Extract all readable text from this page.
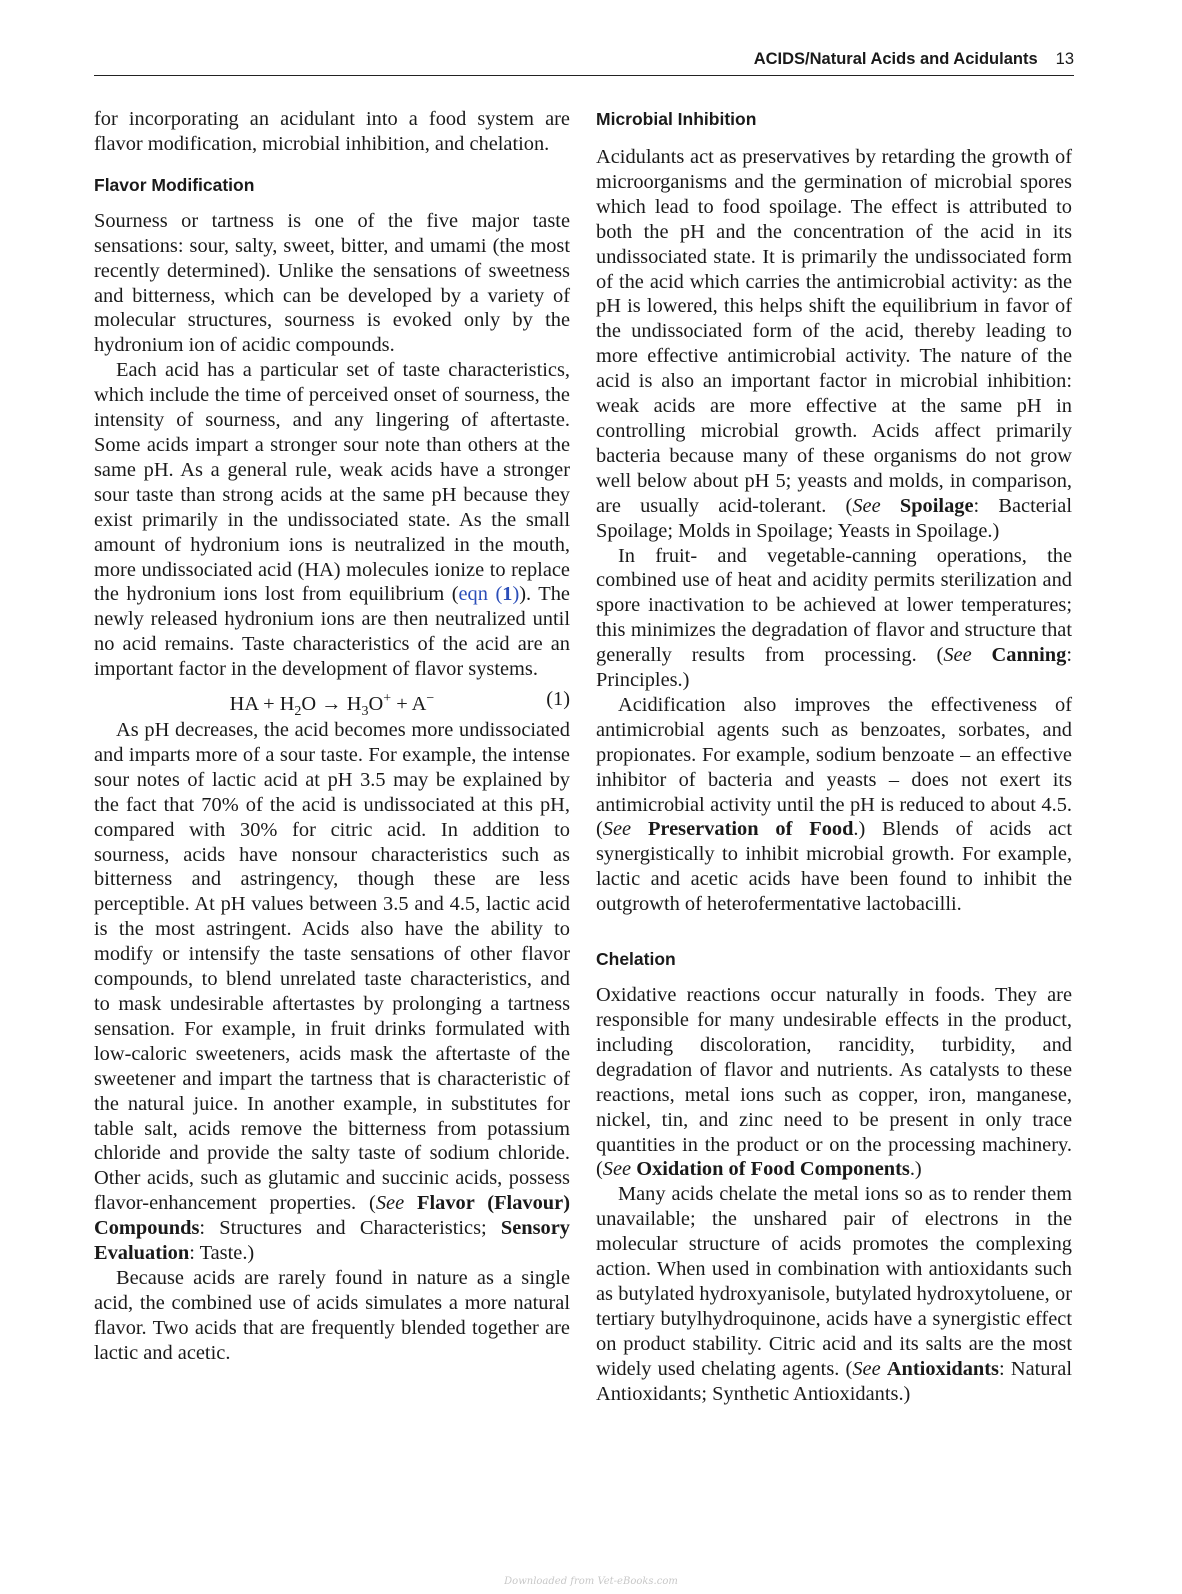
ACIDS/Natural Acids and Acidulants 13

for incorporating an acidulant into a food system are flavor modification, microbial inhibition, and chelation.

Flavor Modification

Sourness or tartness is one of the five major taste sensations: sour, salty, sweet, bitter, and umami (the most recently determined). Unlike the sensations of sweetness and bitterness, which can be developed by a variety of molecular structures, sourness is evoked only by the hydronium ion of acidic compounds.

Each acid has a particular set of taste characteristics, which include the time of perceived onset of sourness, the intensity of sourness, and any lingering of aftertaste. Some acids impart a stronger sour note than others at the same pH. As a general rule, weak acids have a stronger sour taste than strong acids at the same pH because they exist primarily in the undissociated state. As the small amount of hydronium ions is neutralized in the mouth, more undissociated acid (HA) molecules ionize to replace the hydronium ions lost from equilibrium (eqn (1)). The newly released hydronium ions are then neutralized until no acid remains. Taste characteristics of the acid are an important factor in the development of flavor systems.

HA + $H_2O \to H_3O^+ + A^-$	(1)

As pH decreases, the acid becomes more undissociated and imparts more of a sour taste. For example, the intense sour notes of lactic acid at pH 3.5 may be explained by the fact that 70% of the acid is undissociated at this pH, compared with 30% for citric acid. In addition to sourness, acids have nonsour characteristics such as bitterness and astringency, though these are less perceptible. At pH values between 3.5 and 4.5, lactic acid is the most astringent. Acids also have the ability to modify or intensify the taste sensations of other flavor compounds, to blend unrelated taste characteristics, and to mask undesirable aftertastes by prolonging a tartness sensation. For example, in fruit drinks formulated with low-caloric sweeteners, acids mask the aftertaste of the sweetener and impart the tartness that is characteristic of the natural juice. In another example, in substitutes for table salt, acids remove the bitterness from potassium chloride and provide the salty taste of sodium chloride. Other acids, such as glutamic and succinic acids, possess flavor-enhancement properties. (See Flavor (Flavour) Compounds: Structures and Characteristics; Sensory Evaluation: Taste.)

Because acids are rarely found in nature as a single acid, the combined use of acids simulates a more natural flavor. Two acids that are frequently blended together are lactic and acetic.

Microbial Inhibition

Acidulants act as preservatives by retarding the growth of microorganisms and the germination of microbial spores which lead to food spoilage. The effect is attributed to both the pH and the concentration of the acid in its undissociated state. It is primarily the undissociated form of the acid which carries the antimicrobial activity: as the pH is lowered, this helps shift the equilibrium in favor of the undissociated form of the acid, thereby leading to more effective antimicrobial activity. The nature of the acid is also an important factor in microbial inhibition: weak acids are more effective at the same pH in controlling microbial growth. Acids affect primarily bacteria because many of these organisms do not grow well below about pH 5; yeasts and molds, in comparison, are usually acid-tolerant. (See Spoilage: Bacterial Spoilage; Molds in Spoilage; Yeasts in Spoilage.)

In fruit- and vegetable-canning operations, the combined use of heat and acidity permits sterilization and spore inactivation to be achieved at lower temperatures; this minimizes the degradation of flavor and structure that generally results from processing. (See Canning: Principles.)

Acidification also improves the effectiveness of antimicrobial agents such as benzoates, sorbates, and propionates. For example, sodium benzoate – an effective inhibitor of bacteria and yeasts – does not exert its antimicrobial activity until the pH is reduced to about 4.5. (See Preservation of Food.) Blends of acids act synergistically to inhibit microbial growth. For example, lactic and acetic acids have been found to inhibit the outgrowth of heterofermentative lactobacilli.

Chelation

Oxidative reactions occur naturally in foods. They are responsible for many undesirable effects in the product, including discoloration, rancidity, turbidity, and degradation of flavor and nutrients. As catalysts to these reactions, metal ions such as copper, iron, manganese, nickel, tin, and zinc need to be present in only trace quantities in the product or on the processing machinery. (See Oxidation of Food Components.)

Many acids chelate the metal ions so as to render them unavailable; the unshared pair of electrons in the molecular structure of acids promotes the complexing action. When used in combination with antioxidants such as butylated hydroxyanisole, butylated hydroxytoluene, or tertiary butylhydroquinone, acids have a synergistic effect on product stability. Citric acid and its salts are the most widely used chelating agents. (See Antioxidants: Natural Antioxidants; Synthetic Antioxidants.)

Downloaded from Vet-eBooks.com
